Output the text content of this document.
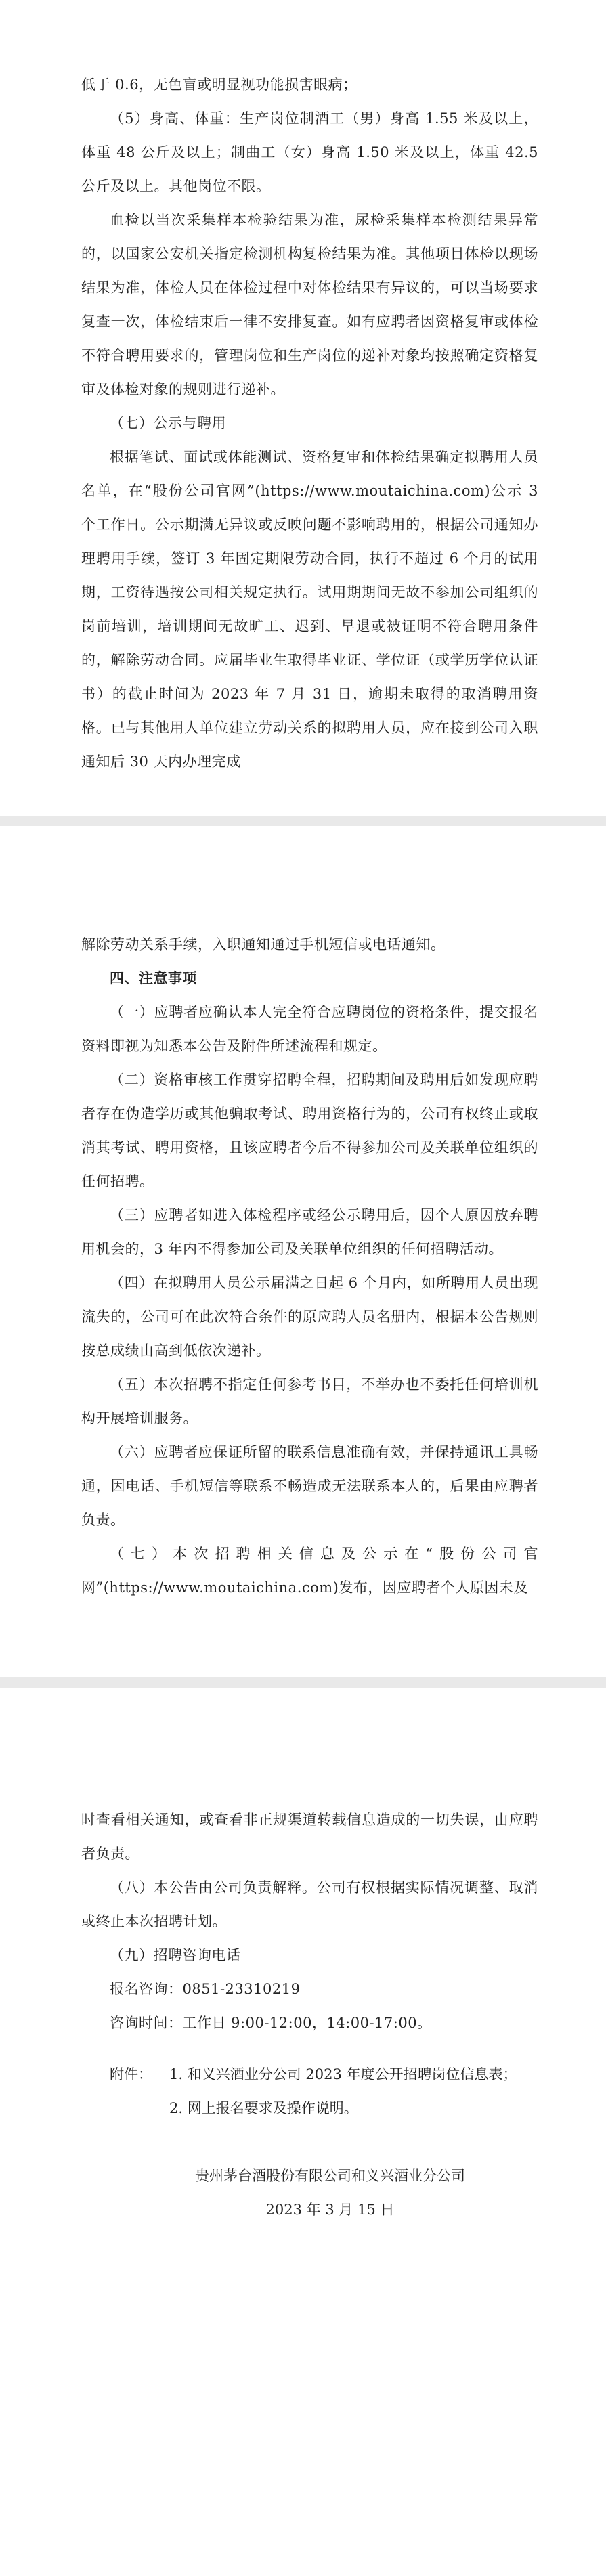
低于 0.6，无色盲或明显视功能损害眼病；

（5）身高、体重：生产岗位制酒工（男）身高 1.55 米及以上，体重 48 公斤及以上；制曲工（女）身高 1.50 米及以上，体重 42.5 公斤及以上。其他岗位不限。

血检以当次采集样本检验结果为准，尿检采集样本检测结果异常的，以国家公安机关指定检测机构复检结果为准。其他项目体检以现场结果为准，体检人员在体检过程中对体检结果有异议的，可以当场要求复查一次，体检结束后一律不安排复查。如有应聘者因资格复审或体检不符合聘用要求的，管理岗位和生产岗位的递补对象均按照确定资格复审及体检对象的规则进行递补。

（七）公示与聘用

根据笔试、面试或体能测试、资格复审和体检结果确定拟聘用人员名单，在“股份公司官网”(https://www.moutaichina.com)公示 3 个工作日。公示期满无异议或反映问题不影响聘用的，根据公司通知办理聘用手续，签订 3 年固定期限劳动合同，执行不超过 6 个月的试用期，工资待遇按公司相关规定执行。试用期期间无故不参加公司组织的岗前培训，培训期间无故旷工、迟到、早退或被证明不符合聘用条件的，解除劳动合同。应届毕业生取得毕业证、学位证（或学历学位认证书）的截止时间为 2023 年 7 月 31 日，逾期未取得的取消聘用资格。已与其他用人单位建立劳动关系的拟聘用人员，应在接到公司入职通知后 30 天内办理完成

解除劳动关系手续，入职通知通过手机短信或电话通知。

四、注意事项

（一）应聘者应确认本人完全符合应聘岗位的资格条件，提交报名资料即视为知悉本公告及附件所述流程和规定。

（二）资格审核工作贯穿招聘全程，招聘期间及聘用后如发现应聘者存在伪造学历或其他骗取考试、聘用资格行为的，公司有权终止或取消其考试、聘用资格，且该应聘者今后不得参加公司及关联单位组织的任何招聘。

（三）应聘者如进入体检程序或经公示聘用后，因个人原因放弃聘用机会的，3 年内不得参加公司及关联单位组织的任何招聘活动。

（四）在拟聘用人员公示届满之日起 6 个月内，如所聘用人员出现流失的，公司可在此次符合条件的原应聘人员名册内，根据本公告规则按总成绩由高到低依次递补。

（五）本次招聘不指定任何参考书目，不举办也不委托任何培训机构开展培训服务。

（六）应聘者应保证所留的联系信息准确有效，并保持通讯工具畅通，因电话、手机短信等联系不畅造成无法联系本人的，后果由应聘者负责。

（七）本次招聘相关信息及公示在“股份公司官网”(https://www.moutaichina.com)发布，因应聘者个人原因未及

时查看相关通知，或查看非正规渠道转载信息造成的一切失误，由应聘者负责。

（八）本公告由公司负责解释。公司有权根据实际情况调整、取消或终止本次招聘计划。

（九）招聘咨询电话

报名咨询：0851-23310219

咨询时间：工作日 9:00-12:00，14:00-17:00。

附件：	1. 和义兴酒业分公司 2023 年度公开招聘岗位信息表；
2. 网上报名要求及操作说明。
贵州茅台酒股份有限公司和义兴酒业分公司
2023 年 3 月 15 日
